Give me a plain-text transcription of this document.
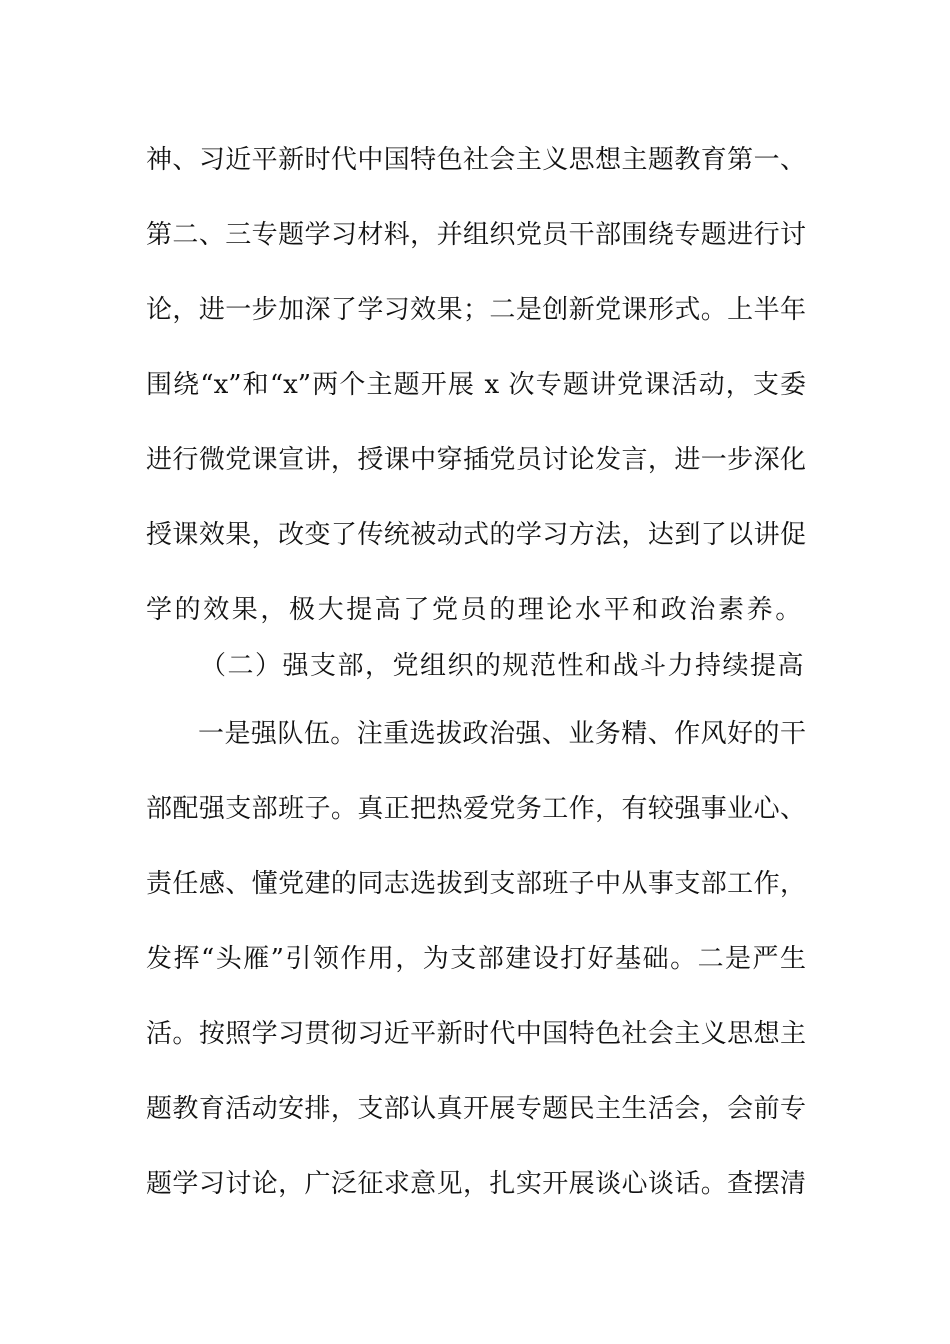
神、习近平新时代中国特色社会主义思想主题教育第一、
第二、三专题学习材料，并组织党员干部围绕专题进行讨
论，进一步加深了学习效果；二是创新党课形式。上半年
围绕“x”和“x”两个主题开展 x 次专题讲党课活动，支委
进行微党课宣讲，授课中穿插党员讨论发言，进一步深化
授课效果，改变了传统被动式的学习方法，达到了以讲促
学的效果，极大提高了党员的理论水平和政治素养。
（二）强支部，党组织的规范性和战斗力持续提高
一是强队伍。注重选拔政治强、业务精、作风好的干
部配强支部班子。真正把热爱党务工作，有较强事业心、
责任感、懂党建的同志选拔到支部班子中从事支部工作，
发挥“头雁”引领作用，为支部建设打好基础。二是严生
活。按照学习贯彻习近平新时代中国特色社会主义思想主
题教育活动安排，支部认真开展专题民主生活会，会前专
题学习讨论，广泛征求意见，扎实开展谈心谈话。查摆清
